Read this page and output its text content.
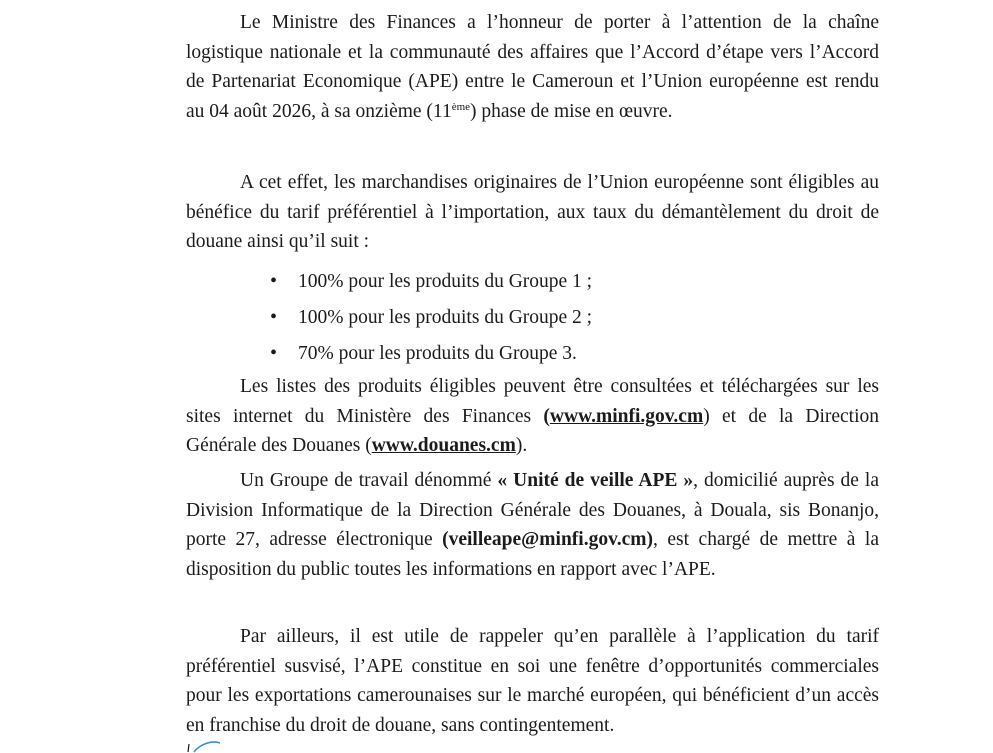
Le Ministre des Finances a l’honneur de porter à l’attention de la chaîne logistique nationale et la communauté des affaires que l’Accord d’étape vers l’Accord de Partenariat Economique (APE) entre le Cameroun et l’Union européenne est rendu au 04 août 2026, à sa onzième (11ème) phase de mise en œuvre.

A cet effet, les marchandises originaires de l’Union européenne sont éligibles au bénéfice du tarif préférentiel à l’importation, aux taux du démantèlement du droit de douane ainsi qu’il suit :

• 100% pour les produits du Groupe 1 ;
• 100% pour les produits du Groupe 2 ;
• 70% pour les produits du Groupe 3.

Les listes des produits éligibles peuvent être consultées et téléchargées sur les sites internet du Ministère des Finances (www.minfi.gov.cm) et de la Direction Générale des Douanes (www.douanes.cm).

Un Groupe de travail dénommé « Unité de veille APE », domicilié auprès de la Division Informatique de la Direction Générale des Douanes, à Douala, sis Bonanjo, porte 27, adresse électronique (veilleape@minfi.gov.cm), est chargé de mettre à la disposition du public toutes les informations en rapport avec l’APE.

Par ailleurs, il est utile de rappeler qu’en parallèle à l’application du tarif préférentiel susvisé, l’APE constitue en soi une fenêtre d’opportunités commerciales pour les exportations camerounaises sur le marché européen, qui bénéficient d’un accès en franchise du droit de douane, sans contingentement.
